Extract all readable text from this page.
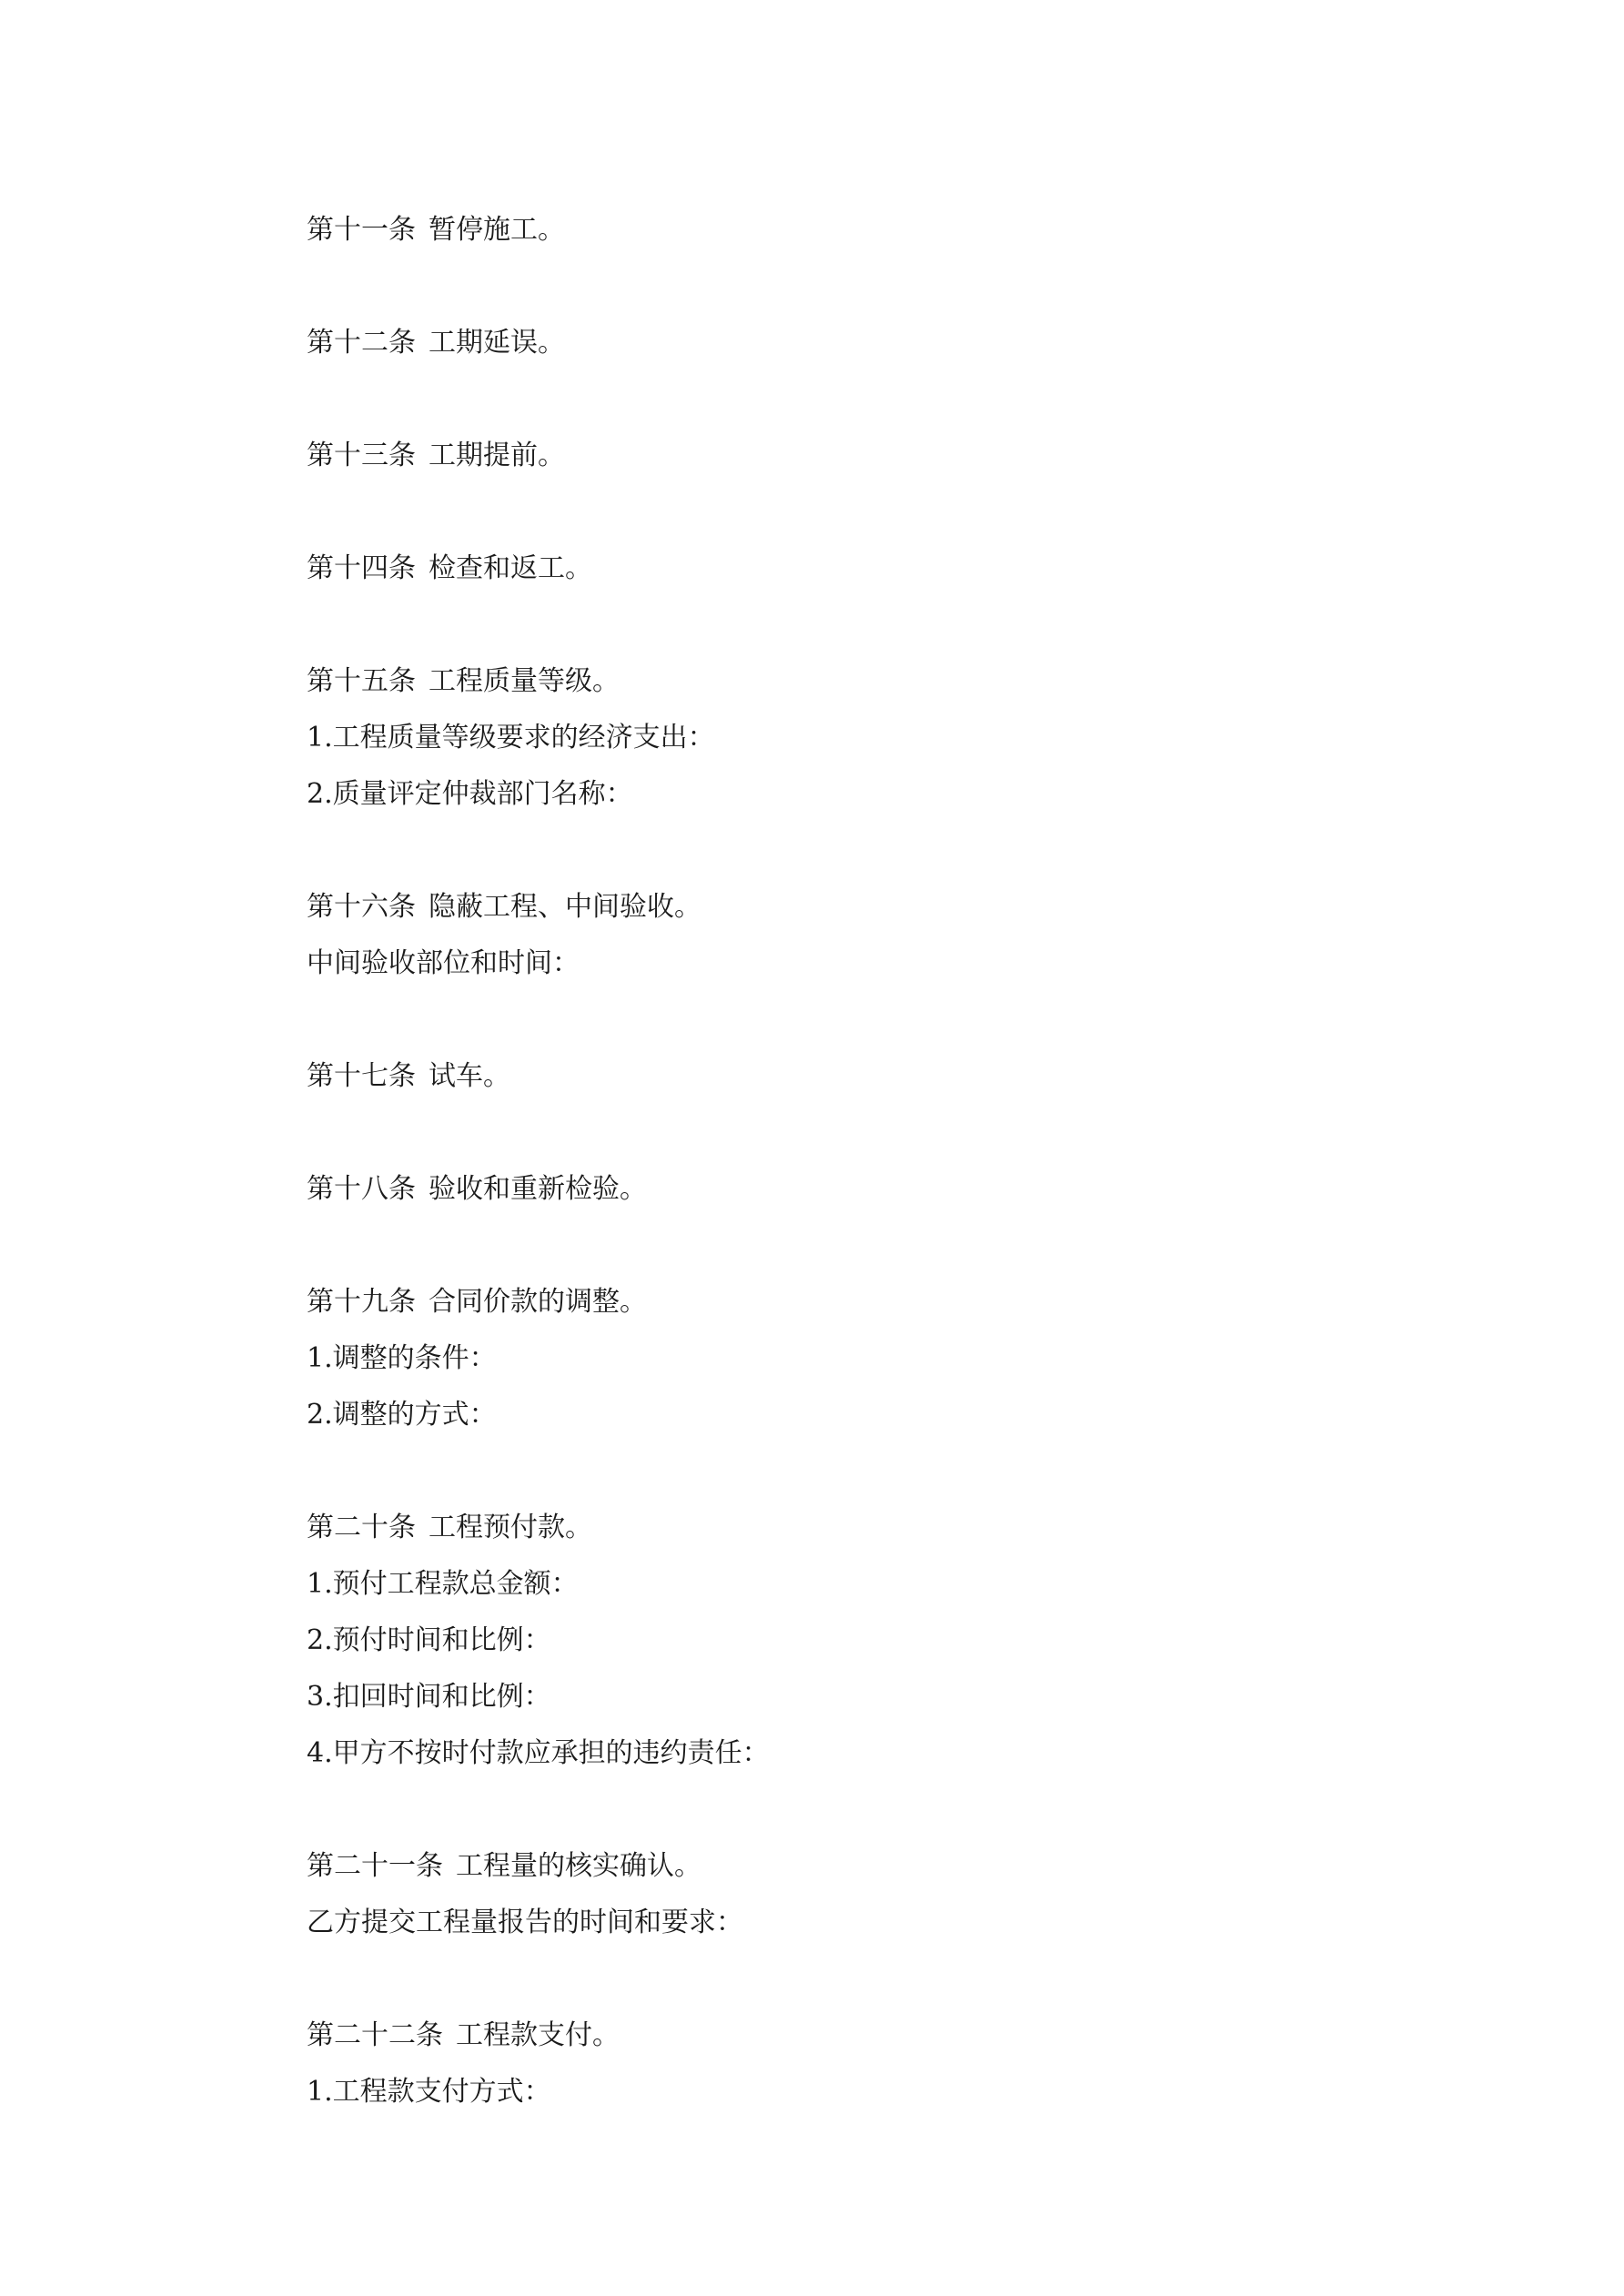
第十一条 暂停施工。
第十二条 工期延误。
第十三条 工期提前。
第十四条 检查和返工。
第十五条 工程质量等级。
1.工程质量等级要求的经济支出：
2.质量评定仲裁部门名称：
第十六条 隐蔽工程、中间验收。
中间验收部位和时间：
第十七条 试车。
第十八条 验收和重新检验。
第十九条 合同价款的调整。
1.调整的条件：
2.调整的方式：
第二十条 工程预付款。
1.预付工程款总金额：
2.预付时间和比例：
3.扣回时间和比例：
4.甲方不按时付款应承担的违约责任：
第二十一条 工程量的核实确认。
乙方提交工程量报告的时间和要求：
第二十二条 工程款支付。
1.工程款支付方式：
